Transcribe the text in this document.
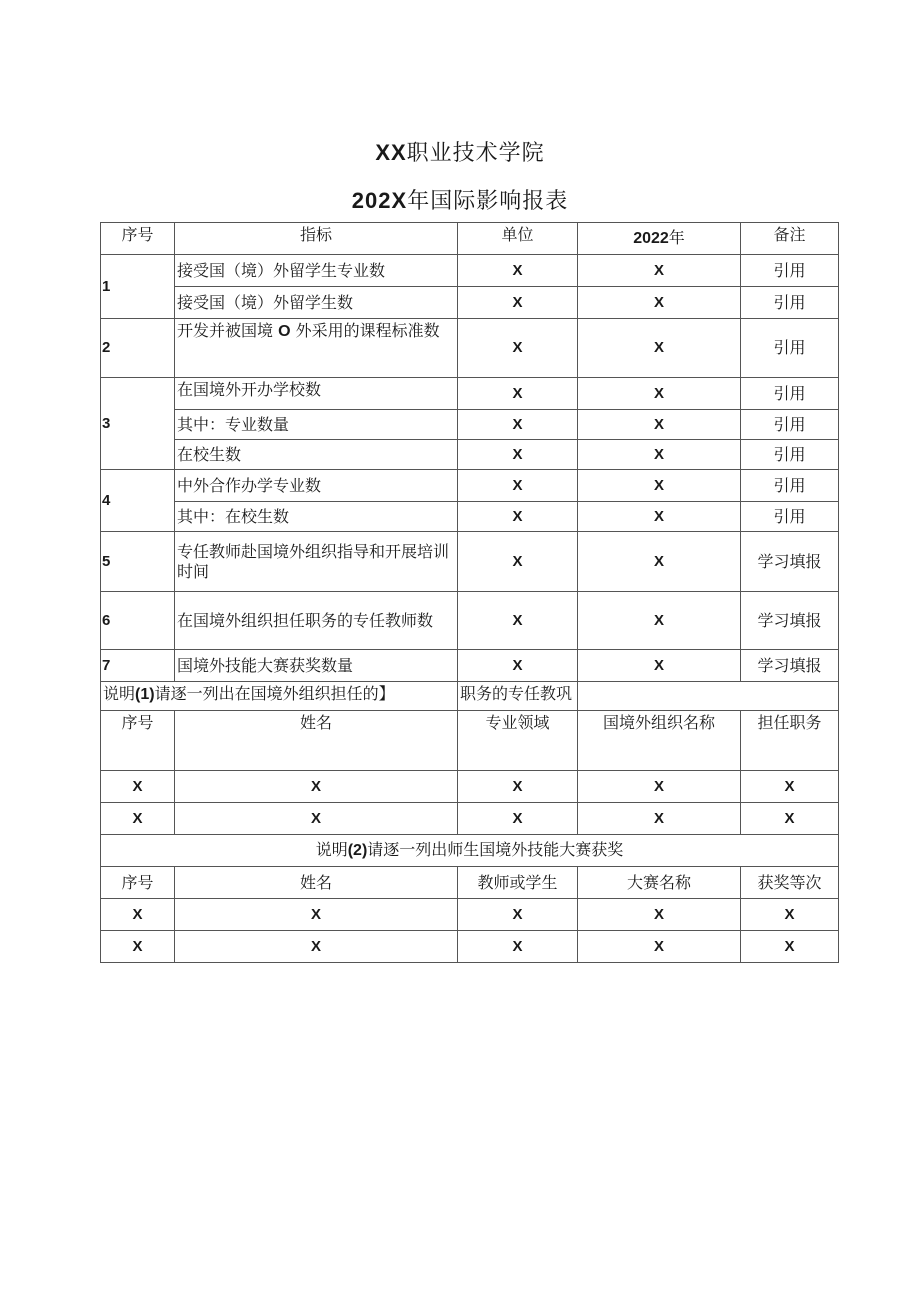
XX职业技术学院
202X年国际影响报表
序号	指标	单位	2022年	备注
1	接受国（境）外留学生专业数	X	X	引用
	接受国（境）外留学生数	X	X	引用
2	开发并被国境 O 外采用的课程标准数	X	X	引用
3	在国境外开办学校数	X	X	引用
	其中：专业数量	X	X	引用
	在校生数	X	X	引用
4	中外合作办学专业数	X	X	引用
	其中：在校生数	X	X	引用
5	专任教师赴国境外组织指导和开展培训时间	X	X	学习填报
6	在国境外组织担任职务的专任教师数	X	X	学习填报
7	国境外技能大赛获奖数量	X	X	学习填报
说明(1)请逐一列出在国境外组织担任的】		职务的专任教巩		
序号	姓名	专业领域	国境外组织名称	担任职务
X	X	X	X	X
X	X	X	X	X
说明(2)请逐一列出师生国境外技能大赛获奖				
序号	姓名	教师或学生	大赛名称	获奖等次
X	X	X	X	X
X	X	X	X	X
